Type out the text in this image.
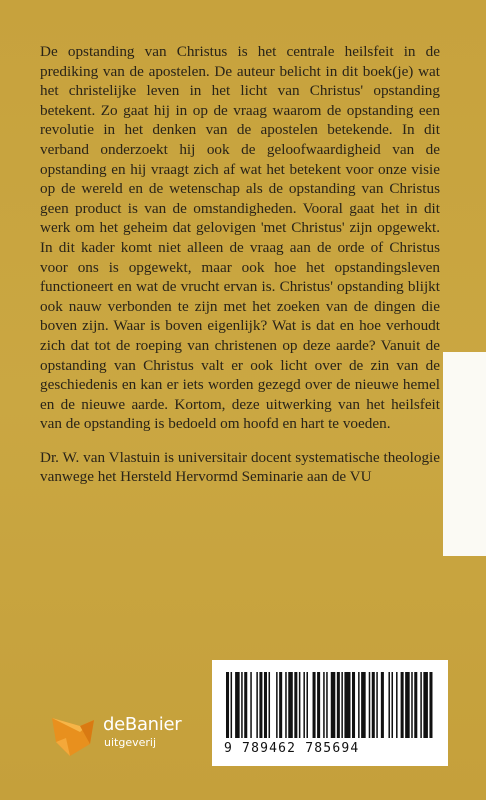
De opstanding van Christus is het centrale heilsfeit in de prediking van de apostelen. De auteur belicht in dit boek(je) wat het christelijke leven in het licht van Christus' opstanding betekent. Zo gaat hij in op de vraag waarom de opstanding een revolutie in het denken van de apostelen betekende. In dit verband onderzoekt hij ook de geloofwaardigheid van de opstanding en hij vraagt zich af wat het betekent voor onze visie op de wereld en de wetenschap als de opstanding van Christus geen product is van de omstandigheden. Vooral gaat het in dit werk om het geheim dat gelovigen 'met Christus' zijn opgewekt. In dit kader komt niet alleen de vraag aan de orde of Christus voor ons is opgewekt, maar ook hoe het opstandingsleven functioneert en wat de vrucht ervan is. Christus' opstanding blijkt ook nauw verbonden te zijn met het zoeken van de dingen die boven zijn. Waar is boven eigenlijk? Wat is dat en hoe verhoudt zich dat tot de roeping van christenen op deze aarde? Vanuit de opstanding van Christus valt er ook licht over de zin van de geschiedenis en kan er iets worden gezegd over de nieuwe hemel en de nieuwe aarde. Kortom, deze uitwerking van het heilsfeit van de opstanding is bedoeld om hoofd en hart te voeden.

Dr. W. van Vlastuin is universitair docent systematische theologie vanwege het Hersteld Hervormd Seminarie aan de VU

9 789462 785694
deBanier
uitgeverij
